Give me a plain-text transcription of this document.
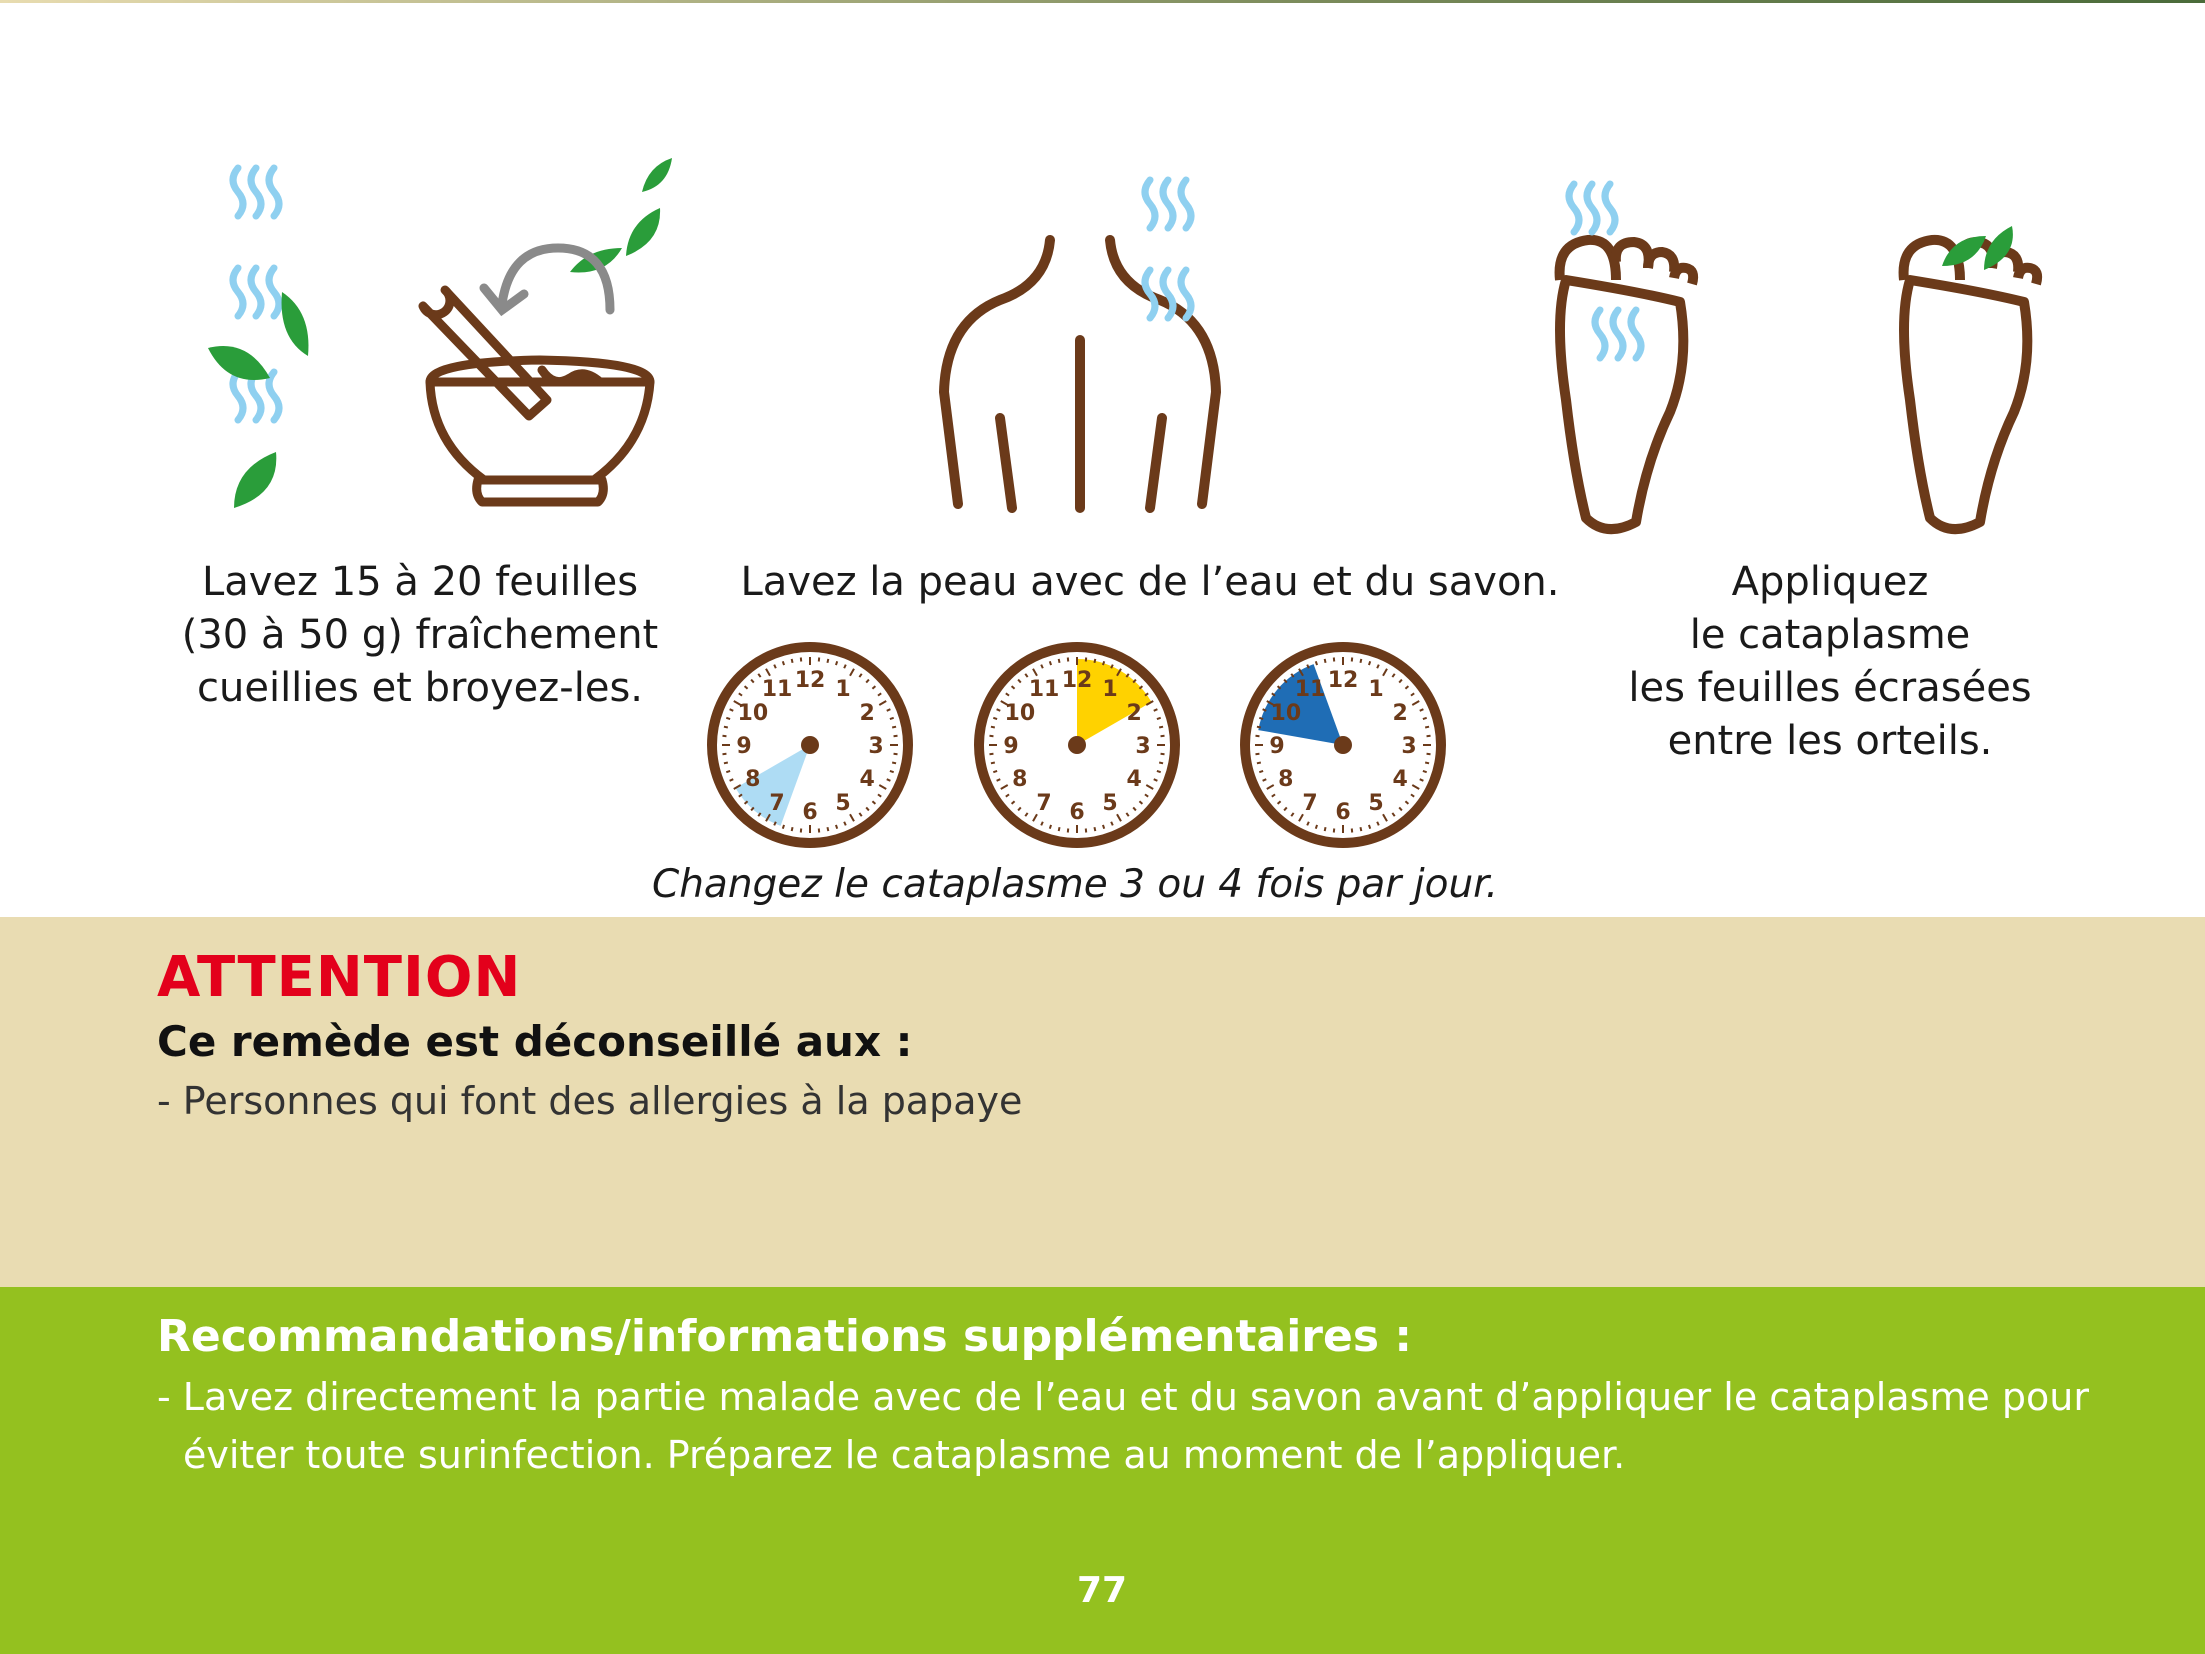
Lavez 15 à 20 feuilles
(30 à 50 g) fraîchement
cueillies et broyez-les.
Lavez la peau avec de l’eau et du savon.	Appliquez
le cataplasme
les feuilles écrasées
entre les orteils.
12 1
2
3
4
5
6
7
8
9
10
11	12 1
2
3
4
5
6
7
8
9
10
11	12 1
2
3
4
5
6
7
8
9
10
11
Changez le cataplasme 3 ou 4 fois par jour.
ATTENTION
Ce remède est déconseillé aux :
- Personnes qui font des allergies à la papaye
Recommandations/informations supplémentaires :
- Lavez directement la partie malade avec de l’eau et du savon avant d’appliquer le cataplasme pour
éviter toute surinfection. Préparez le cataplasme au moment de l’appliquer.
77
